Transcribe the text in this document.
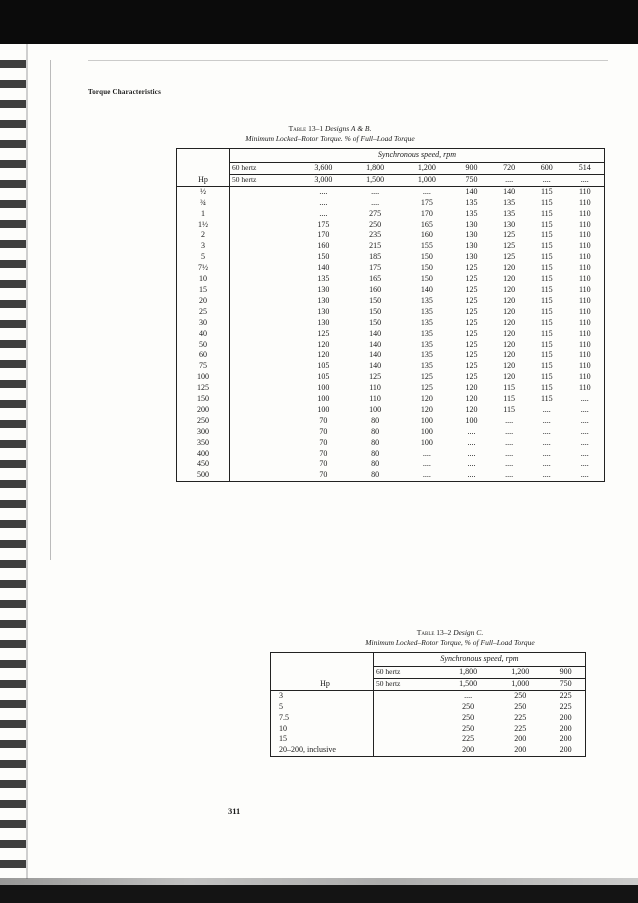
Torque Characteristics
Table 13–1 Designs A & B.
Minimum Locked–Rotor Torque. % of Full–Load Torque
	Synchronous speed, rpm							
	60 hertz	3,600	1,800	1,200	900	720	600	514
Hp	50 hertz	3,000	1,500	1,000	750	....	....	....
½		....	....	....	140	140	115	110
¾		....	....	175	135	135	115	110
1		....	275	170	135	135	115	110
1½		175	250	165	130	130	115	110
2		170	235	160	130	125	115	110
3		160	215	155	130	125	115	110
5		150	185	150	130	125	115	110
7½		140	175	150	125	120	115	110
10		135	165	150	125	120	115	110
15		130	160	140	125	120	115	110
20		130	150	135	125	120	115	110
25		130	150	135	125	120	115	110
30		130	150	135	125	120	115	110
40		125	140	135	125	120	115	110
50		120	140	135	125	120	115	110
60		120	140	135	125	120	115	110
75		105	140	135	125	120	115	110
100		105	125	125	125	120	115	110
125		100	110	125	120	115	115	110
150		100	110	120	120	115	115	....
200		100	100	120	120	115	....	....
250		70	80	100	100	....	....	....
300		70	80	100	....	....	....	....
350		70	80	100	....	....	....	....
400		70	80	....	....	....	....	....
450		70	80	....	....	....	....	....
500		70	80	....	....	....	....	....
Table 13–2 Design C.
Minimum Locked–Rotor Torque, % of Full–Load Torque
	Synchronous speed, rpm			
	60 hertz	1,800	1,200	900
Hp	50 hertz	1,500	1,000	750
3		....	250	225
5		250	250	225
7.5		250	225	200
10		250	225	200
15		225	200	200
20–200, inclusive		200	200	200
311
